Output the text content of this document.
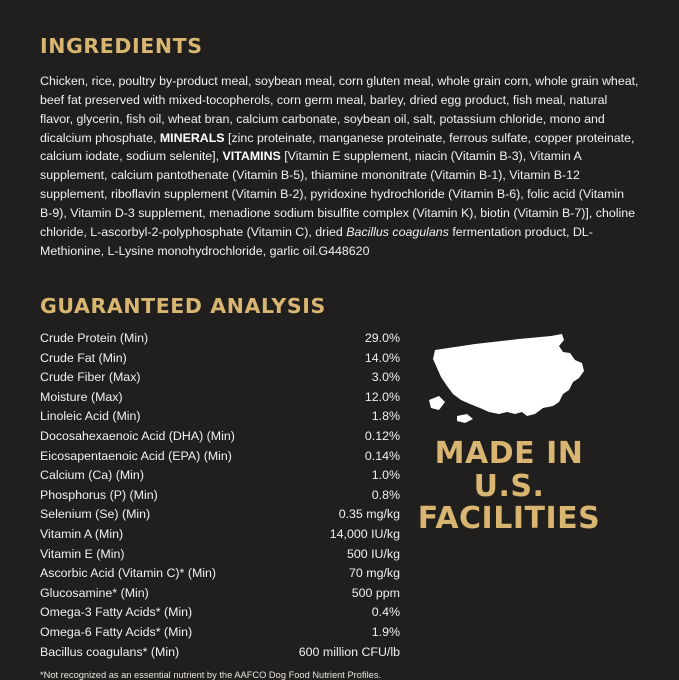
INGREDIENTS

Chicken, rice, poultry by-product meal, soybean meal, corn gluten meal, whole grain corn, whole grain wheat, beef fat preserved with mixed-tocopherols, corn germ meal, barley, dried egg product, fish meal, natural flavor, glycerin, fish oil, wheat bran, calcium carbonate, soybean oil, salt, potassium chloride, mono and dicalcium phosphate, MINERALS [zinc proteinate, manganese proteinate, ferrous sulfate, copper proteinate, calcium iodate, sodium selenite], VITAMINS [Vitamin E supplement, niacin (Vitamin B-3), Vitamin A supplement, calcium pantothenate (Vitamin B-5), thiamine mononitrate (Vitamin B-1), Vitamin B-12 supplement, riboflavin supplement (Vitamin B-2), pyridoxine hydrochloride (Vitamin B-6), folic acid (Vitamin B-9), Vitamin D-3 supplement, menadione sodium bisulfite complex (Vitamin K), biotin (Vitamin B-7)], choline chloride, L-ascorbyl-2-polyphosphate (Vitamin C), dried Bacillus coagulans fermentation product, DL-Methionine, L-Lysine monohydrochloride, garlic oil.G448620

GUARANTEED ANALYSIS
Crude Protein (Min)	29.0%
Crude Fat (Min)	14.0%
Crude Fiber (Max)	3.0%
Moisture (Max)	12.0%
Linoleic Acid (Min)	1.8%
Docosahexaenoic Acid (DHA) (Min)	0.12%
Eicosapentaenoic Acid (EPA) (Min)	0.14%
Calcium (Ca) (Min)	1.0%
Phosphorus (P) (Min)	0.8%
Selenium (Se) (Min)	0.35 mg/kg
Vitamin A (Min)	14,000 IU/kg
Vitamin E (Min)	500 IU/kg
Ascorbic Acid (Vitamin C)* (Min)	70 mg/kg
Glucosamine* (Min)	500 ppm
Omega-3 Fatty Acids* (Min)	0.4%
Omega-6 Fatty Acids* (Min)	1.9%
Bacillus coagulans* (Min)	600 million CFU/lb
*Not recognized as an essential nutrient by the AAFCO Dog Food Nutrient Profiles.
MADE IN
U.S.
FACILITIES
